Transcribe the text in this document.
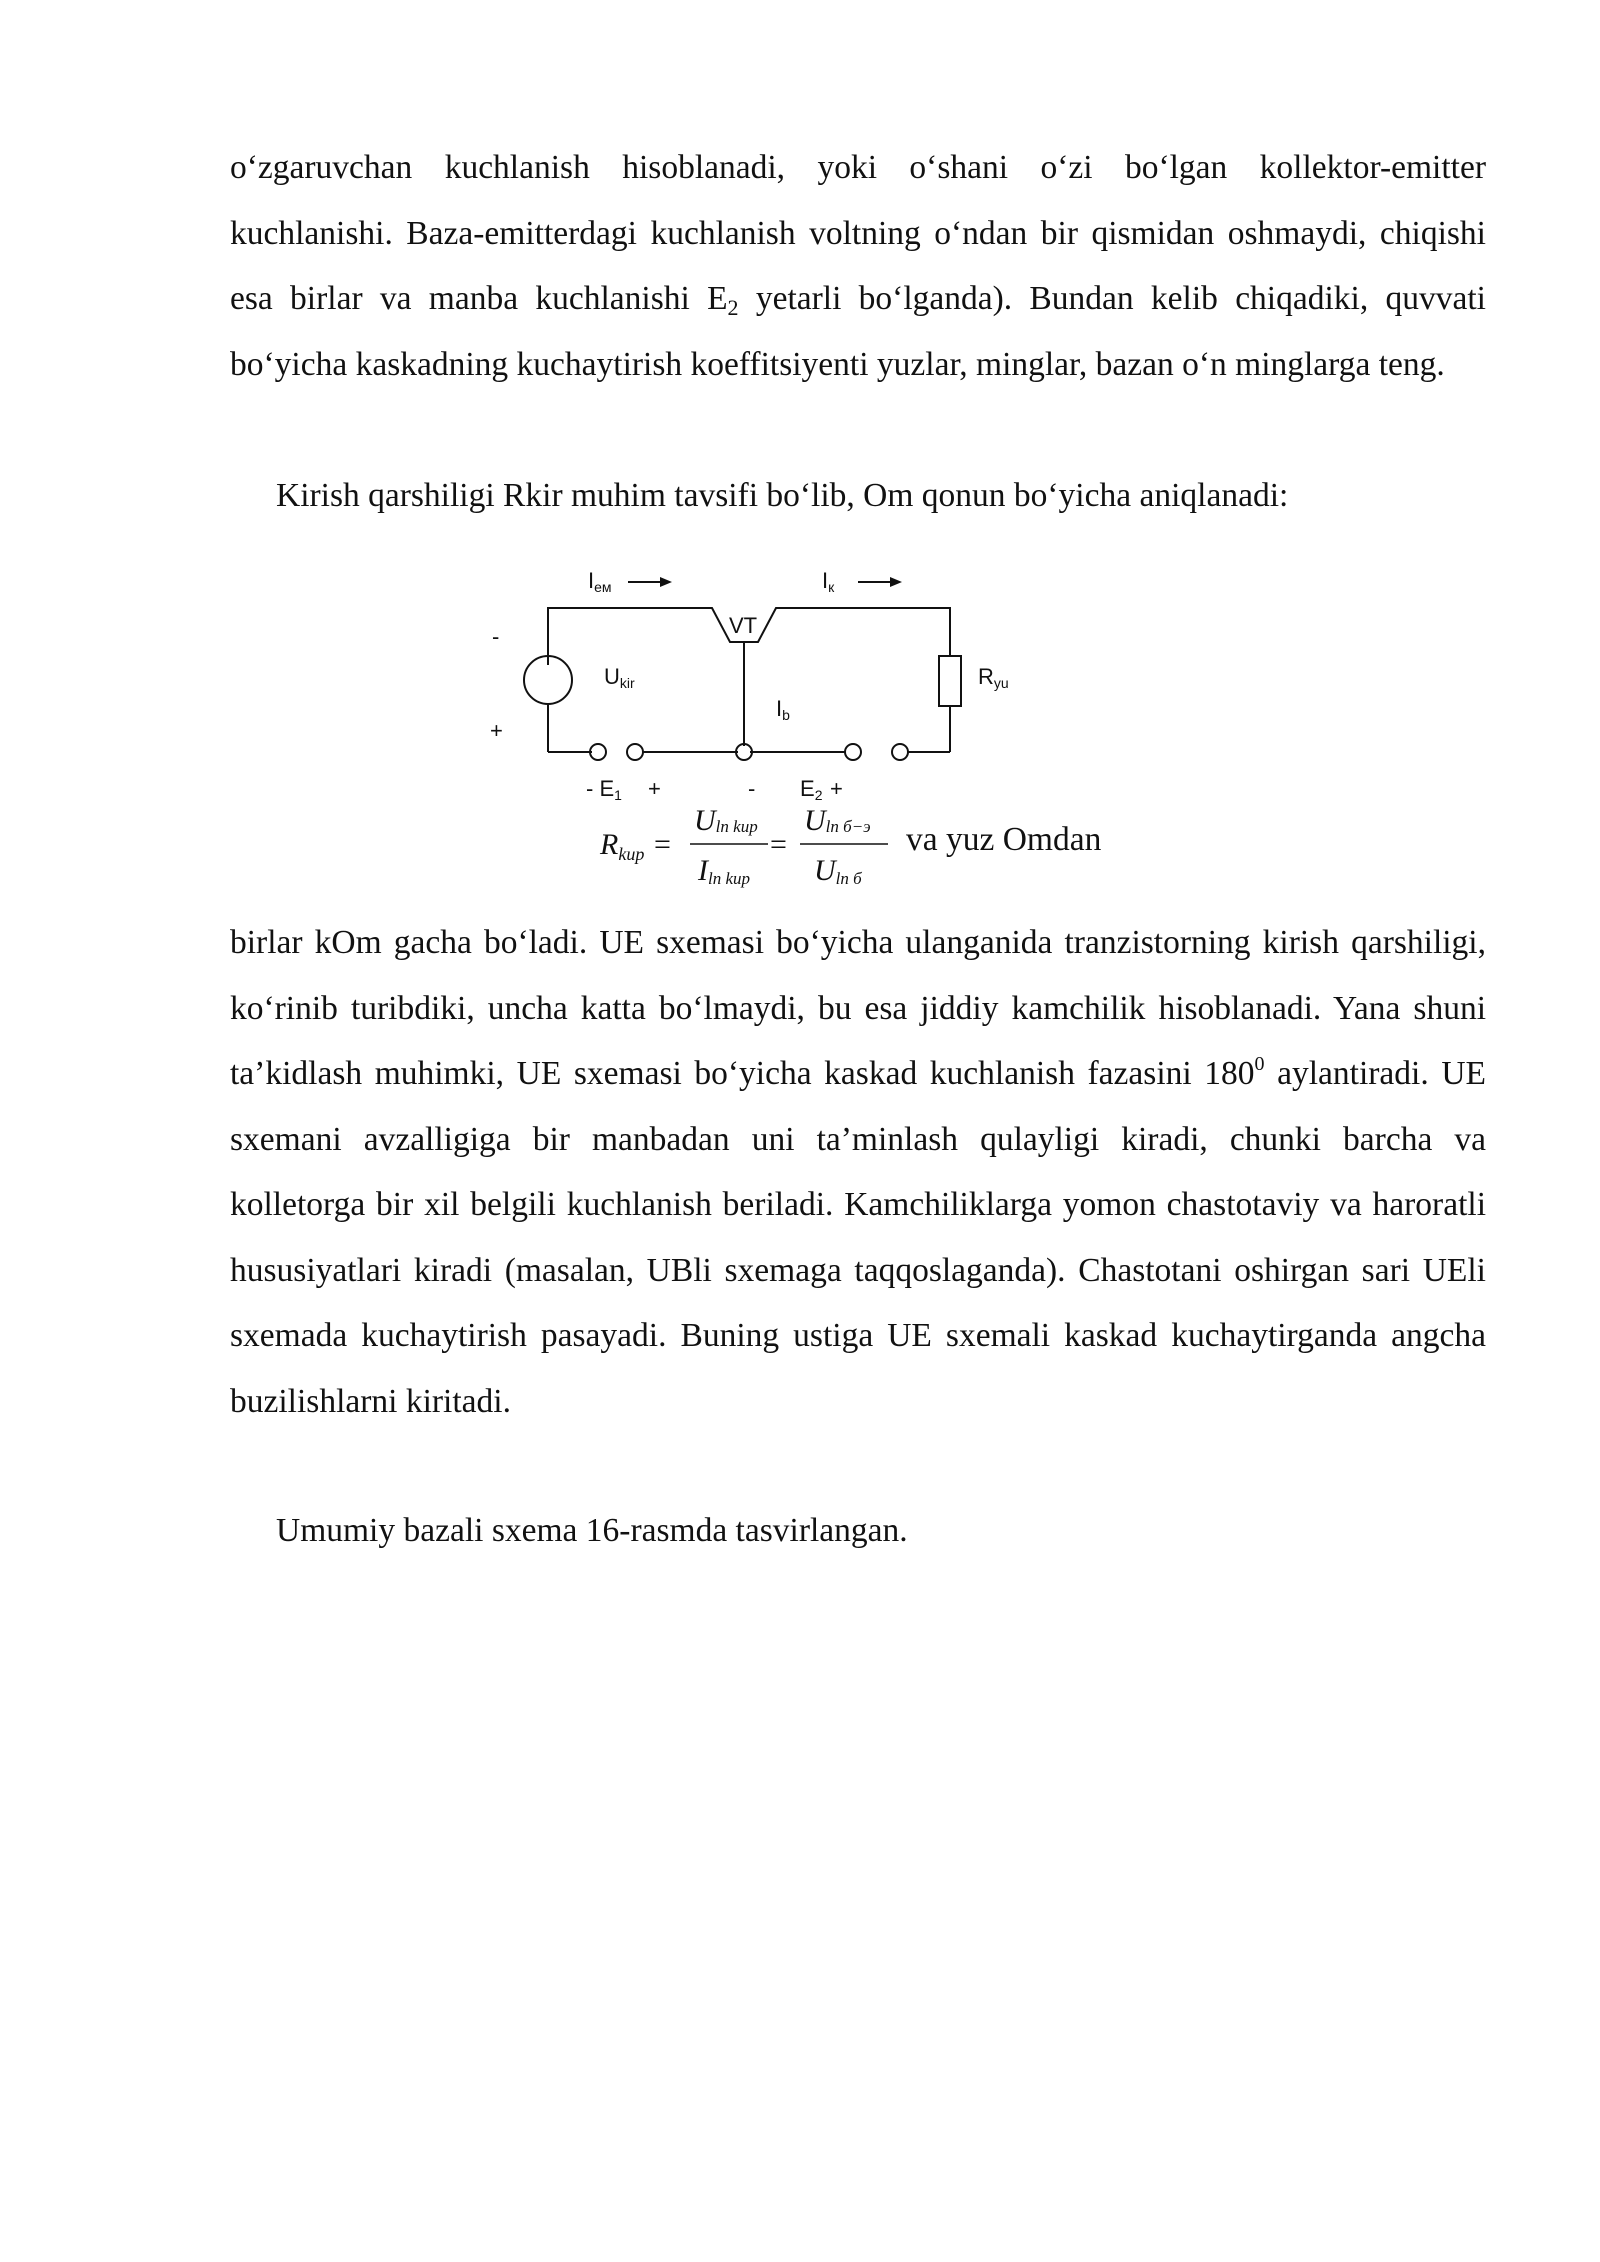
o‘zgaruvchan kuchlanish hisoblanadi, yoki o‘shani o‘zi bo‘lgan kollektor-emitter kuchlanishi. Baza-emitterdagi kuchlanish voltning o‘ndan bir qismidan oshmaydi, chiqishi esa birlar va manba kuchlanishi $E_2$ yetarli bo‘lganda). Bundan kelib chiqadiki, quvvati bo‘yicha kaskadning kuchaytirish koeffitsiyenti yuzlar, minglar, bazan o‘n minglarga teng.

Kirish qarshiligi Rkir muhim tavsifi bo‘lib, Om qonun bo‘yicha aniqlanadi:

Iем	Iк
VT
-
Ukir	Ryu
Ib
+
- E1 +	- E2 +
$R_{kup}$ =
Uln kup
Iln kup
=
Uln б−э
Uln б
va yuz Omdan

birlar kOm gacha bo‘ladi. UE sxemasi bo‘yicha ulanganida tranzistorning kirish qarshiligi, ko‘rinib turibdiki, uncha katta bo‘lmaydi, bu esa jiddiy kamchilik hisoblanadi. Yana shuni ta’kidlash muhimki, UE sxemasi bo‘yicha kaskad kuchlanish fazasini $180^0$ aylantiradi. UE sxemani avzalligiga bir manbadan uni ta’minlash qulayligi kiradi, chunki barcha va kolletorga bir xil belgili kuchlanish beriladi. Kamchiliklarga yomon chastotaviy va haroratli hususiyatlari kiradi (masalan, UBli sxemaga taqqoslaganda). Chastotani oshirgan sari UEli sxemada kuchaytirish pasayadi. Buning ustiga UE sxemali kaskad kuchaytirganda angcha buzilishlarni kiritadi.

Umumiy bazali sxema 16-rasmda tasvirlangan.
